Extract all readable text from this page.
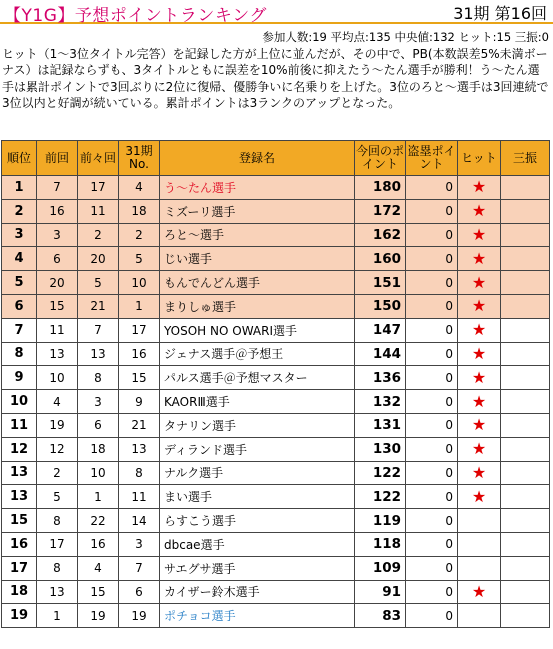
【Y1G】予想ポイントランキング	31期 第16回
参加人数:19 平均点:135 中央値:132 ヒット:15 三振:0
ヒット（1～3位タイトル完答）を記録した方が上位に並んだが、その中で、PB(本数誤差5%未満ボーナス）は記録ならずも、3タイトルともに誤差を10%前後に抑えたう～たん選手が勝利！う～たん選手は累計ポイントで3回ぶりに2位に復帰、優勝争いに名乗りを上げた。3位のろと～選手は3回連続で3位以内と好調が続いている。累計ポイントは3ランクのアップとなった。
順位	前回	前々回	31期No.	登録名	今回のポイント	盗塁ポイント	ヒット	三振
1	7	17	4	う～たん選手	180	0	★	
2	16	11	18	ミズーリ選手	172	0	★	
3	3	2	2	ろと～選手	162	0	★	
4	6	20	5	じい選手	160	0	★	
5	20	5	10	もんでんどん選手	151	0	★	
6	15	21	1	まりしゅ選手	150	0	★	
7	11	7	17	YOSOH NO OWARI選手	147	0	★	
8	13	13	16	ジェナス選手＠予想王	144	0	★	
9	10	8	15	パルス選手＠予想マスター	136	0	★	
10	4	3	9	KAORⅢ選手	132	0	★	
11	19	6	21	タナリン選手	131	0	★	
12	12	18	13	ディランド選手	130	0	★	
13	2	10	8	ナルク選手	122	0	★	
13	5	1	11	まい選手	122	0	★	
15	8	22	14	らすこう選手	119	0		
16	17	16	3	dbcae選手	118	0		
17	8	4	7	サエグサ選手	109	0		
18	13	15	6	カイザー鈴木選手	91	0	★	
19	1	19	19	ポチョコ選手	83	0		
